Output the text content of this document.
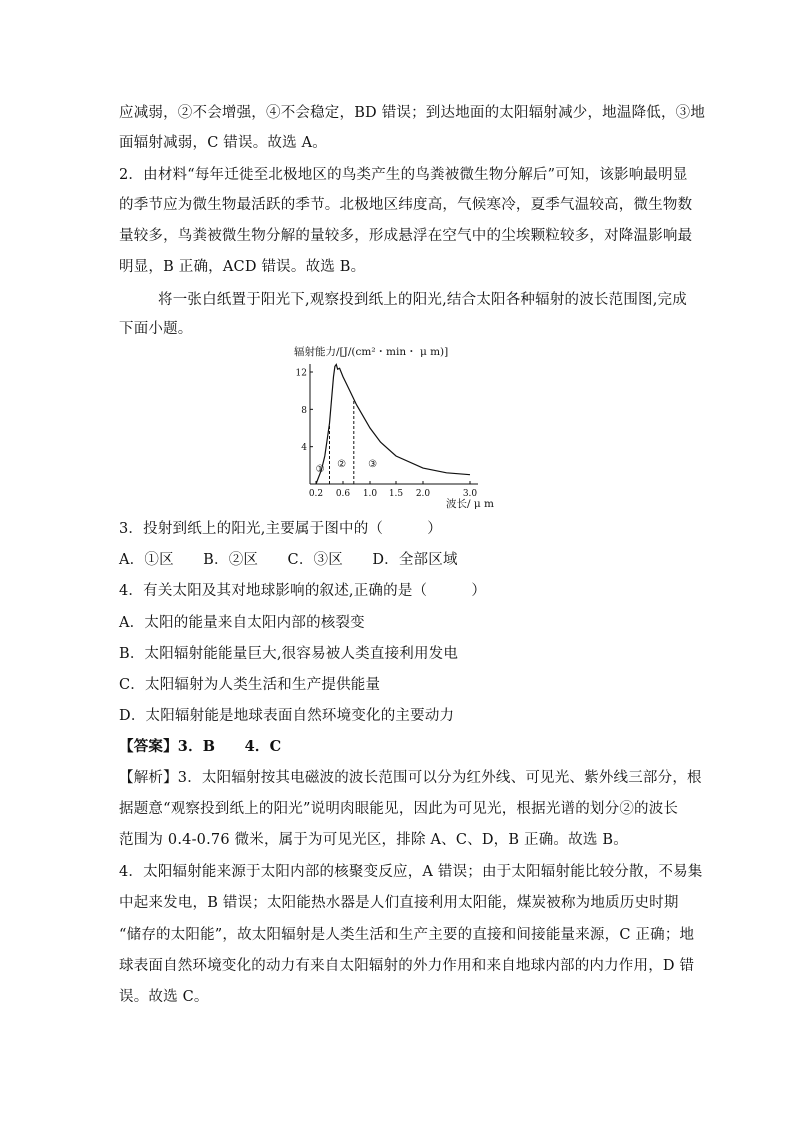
应减弱，②不会增强，④不会稳定，BD 错误；到达地面的太阳辐射减少，地温降低，③地
面辐射减弱，C 错误。故选 A。
2．由材料“每年迁徙至北极地区的鸟类产生的鸟粪被微生物分解后”可知，该影响最明显
的季节应为微生物最活跃的季节。北极地区纬度高，气候寒冷，夏季气温较高，微生物数
量较多，鸟粪被微生物分解的量较多，形成悬浮在空气中的尘埃颗粒较多，对降温影响最
明显，B 正确，ACD 错误。故选 B。
将一张白纸置于阳光下,观察投到纸上的阳光,结合太阳各种辐射的波长范围图,完成
下面小题。
辐射能力/[J/(cm²・min・ μ m)]
波长/ μ m
4
8
12
0.2 0.6 1.0 1.5 2.0	3.0
① ② ③
3．投射到纸上的阳光,主要属于图中的（　　　）
A．①区　　B．②区　　C．③区　　D．全部区域
4．有关太阳及其对地球影响的叙述,正确的是（　　　）
A．太阳的能量来自太阳内部的核裂变
B．太阳辐射能能量巨大,很容易被人类直接利用发电
C．太阳辐射为人类生活和生产提供能量
D．太阳辐射能是地球表面自然环境变化的主要动力
【答案】3．B　　4．C
【解析】3．太阳辐射按其电磁波的波长范围可以分为红外线、可见光、紫外线三部分，根
据题意“观察投到纸上的阳光”说明肉眼能见，因此为可见光，根据光谱的划分②的波长
范围为 0.4-0.76 微米，属于为可见光区，排除 A、C、D，B 正确。故选 B。
4．太阳辐射能来源于太阳内部的核聚变反应，A 错误；由于太阳辐射能比较分散，不易集
中起来发电，B 错误；太阳能热水器是人们直接利用太阳能，煤炭被称为地质历史时期
“储存的太阳能”，故太阳辐射是人类生活和生产主要的直接和间接能量来源，C 正确；地
球表面自然环境变化的动力有来自太阳辐射的外力作用和来自地球内部的内力作用，D 错
误。故选 C。
